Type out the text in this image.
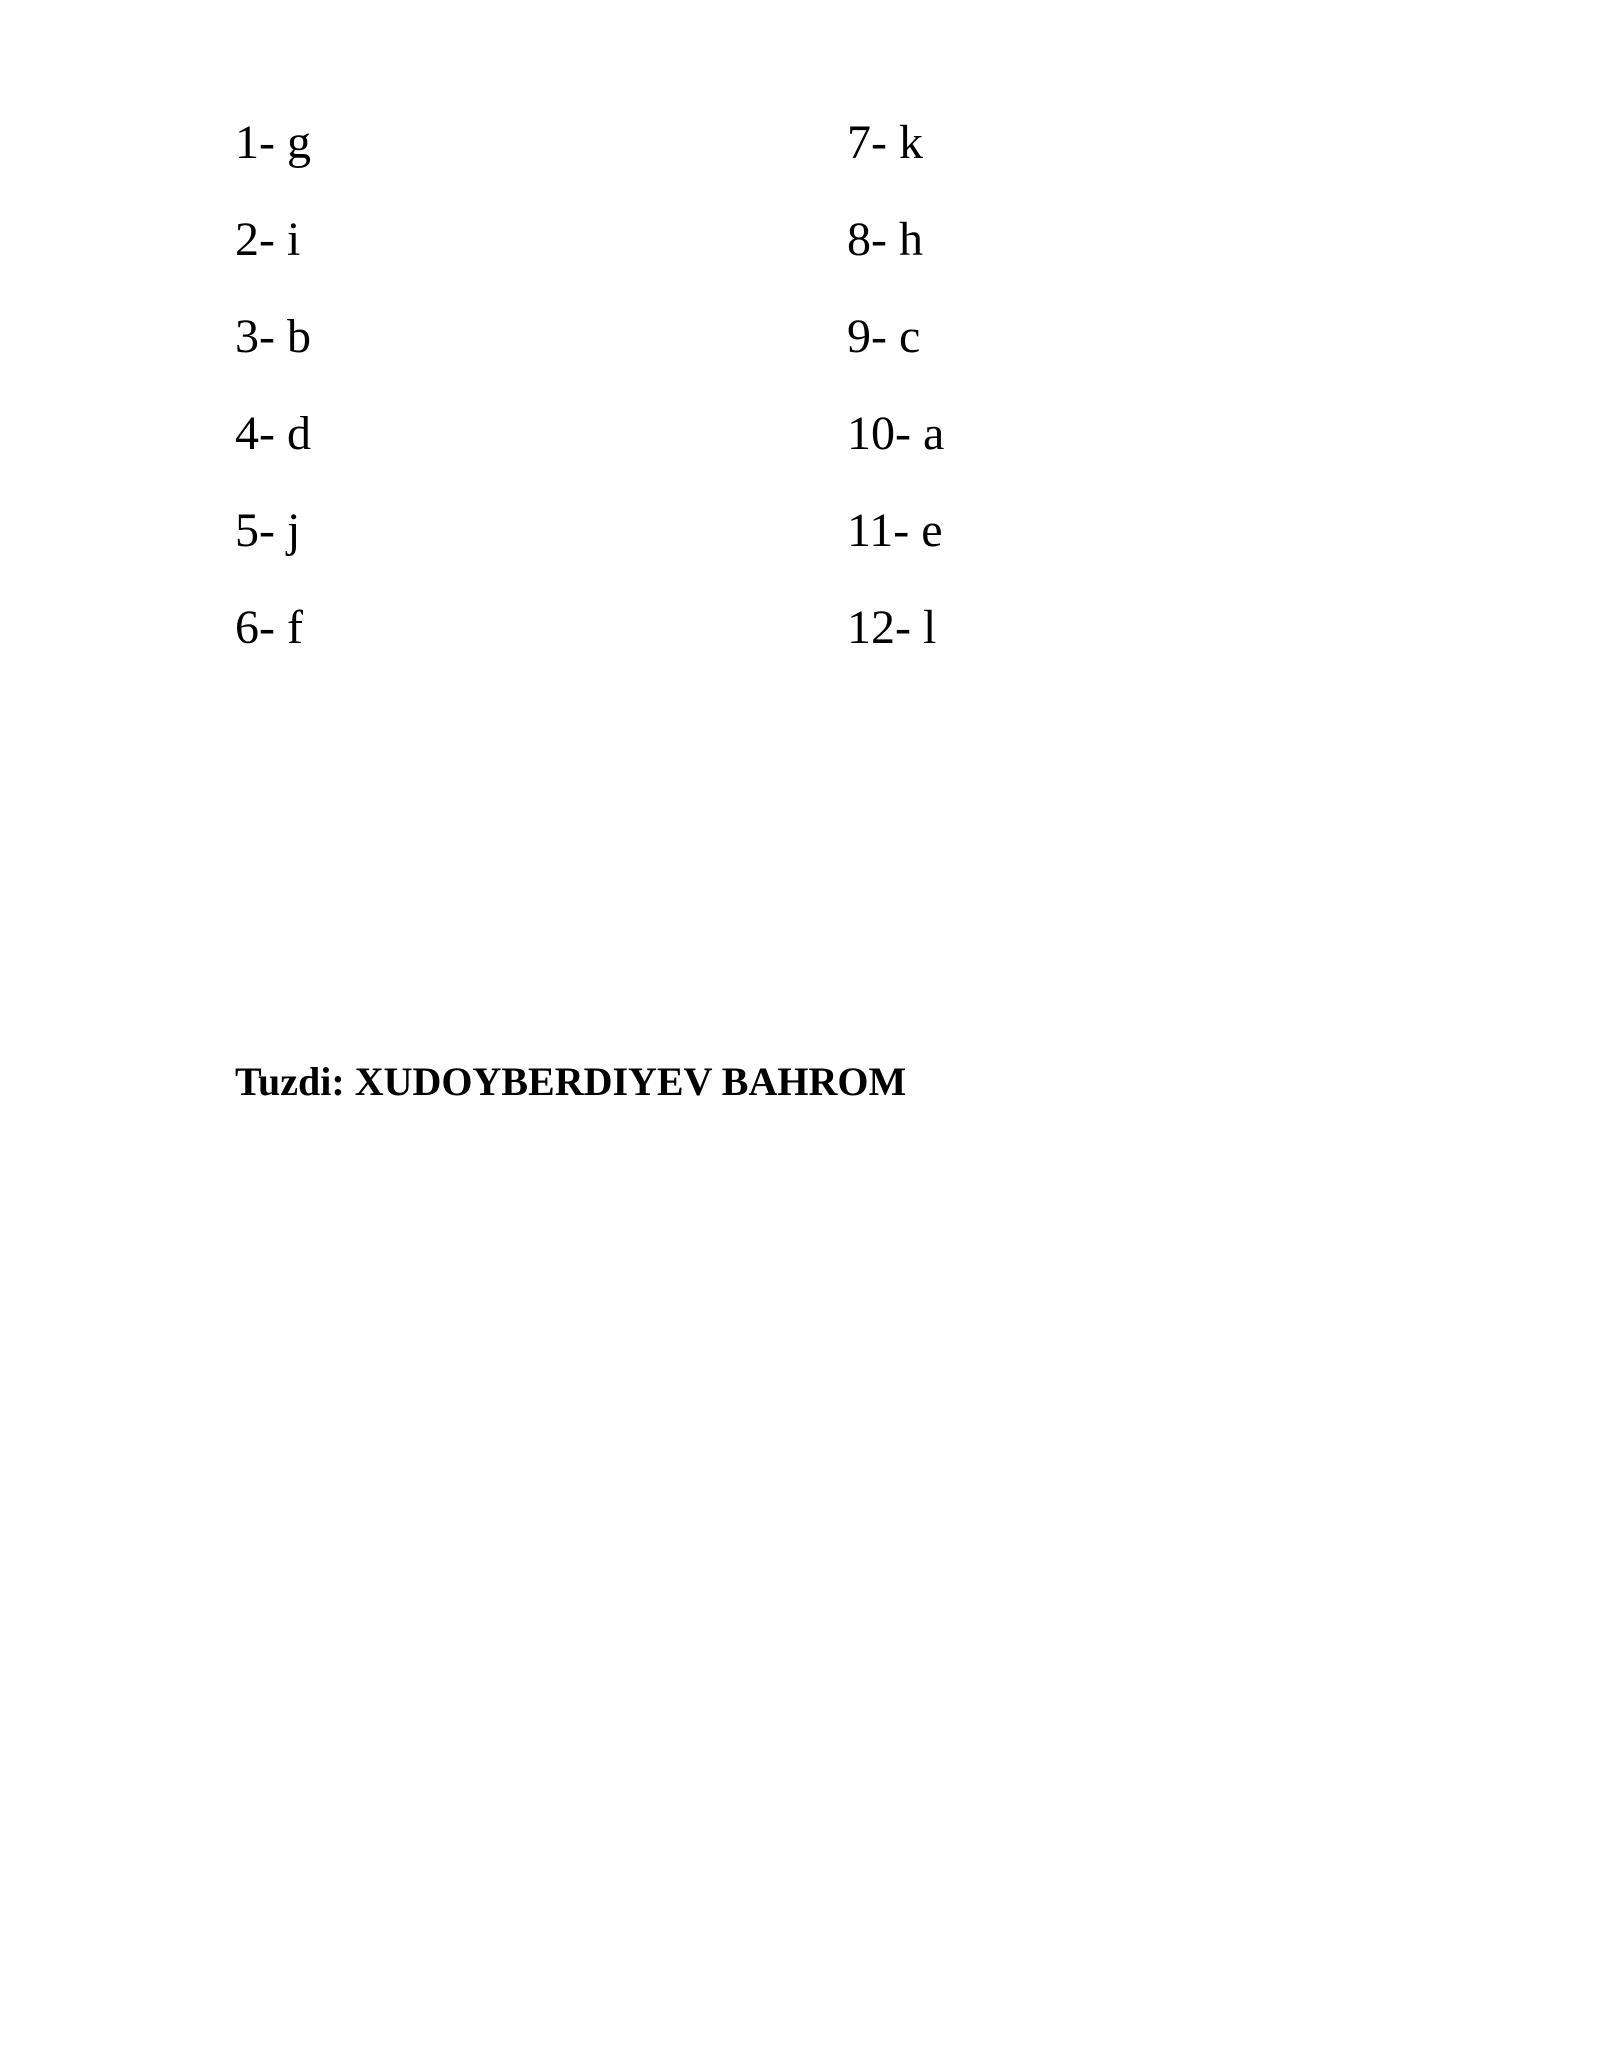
1- g
2- i
3- b
4- d
5- j
6- f
7- k
8- h
9- c
10- a
11- e
12- l
Tuzdi: XUDOYBERDIYEV BAHROM
